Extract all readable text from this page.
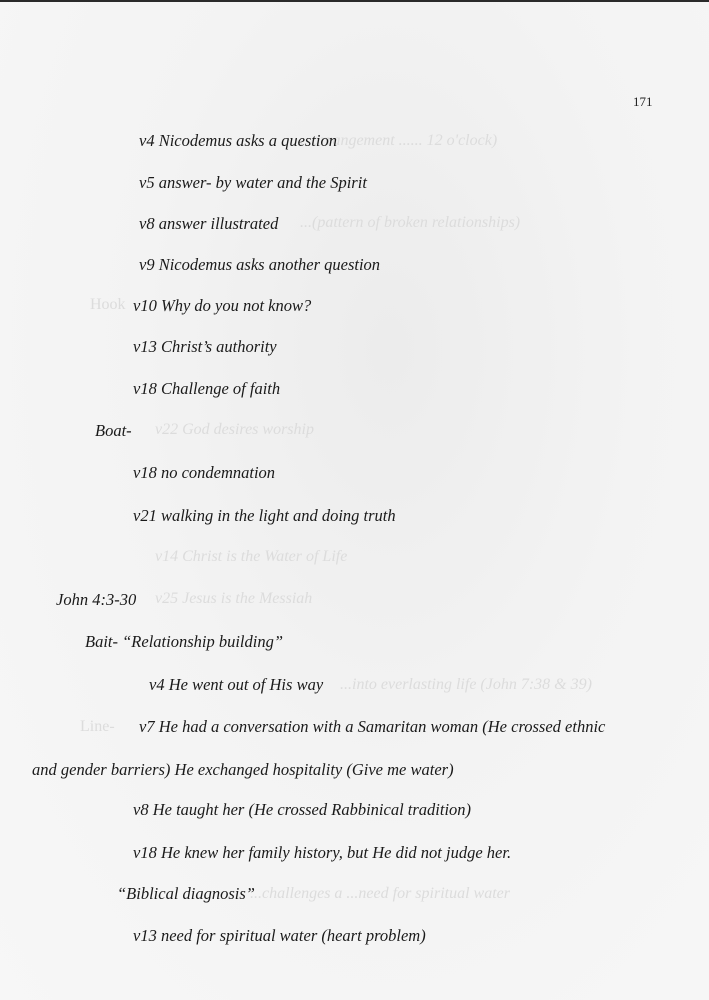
...arrangement ...... 12 o'clock)
...(pattern of broken relationships)
Hook
v22 God desires worship
v14 Christ is the Water of Life
v25 Jesus is the Messiah
...into everlasting life (John 7:38 & 39)
Line-
...challenges a ...need for spiritual water
171
v4 Nicodemus asks a question
v5 answer- by water and the Spirit
v8 answer illustrated
v9 Nicodemus asks another question
v10 Why do you not know?
v13 Christ’s authority
v18 Challenge of faith
Boat-
v18 no condemnation
v21 walking in the light and doing truth
John 4:3-30
Bait- “Relationship building”
v4 He went out of His way
v7 He had a conversation with a Samaritan woman (He crossed ethnic
and gender barriers) He exchanged hospitality (Give me water)
v8 He taught her (He crossed Rabbinical tradition)
v18 He knew her family history, but He did not judge her.
“Biblical diagnosis”
v13 need for spiritual water (heart problem)
